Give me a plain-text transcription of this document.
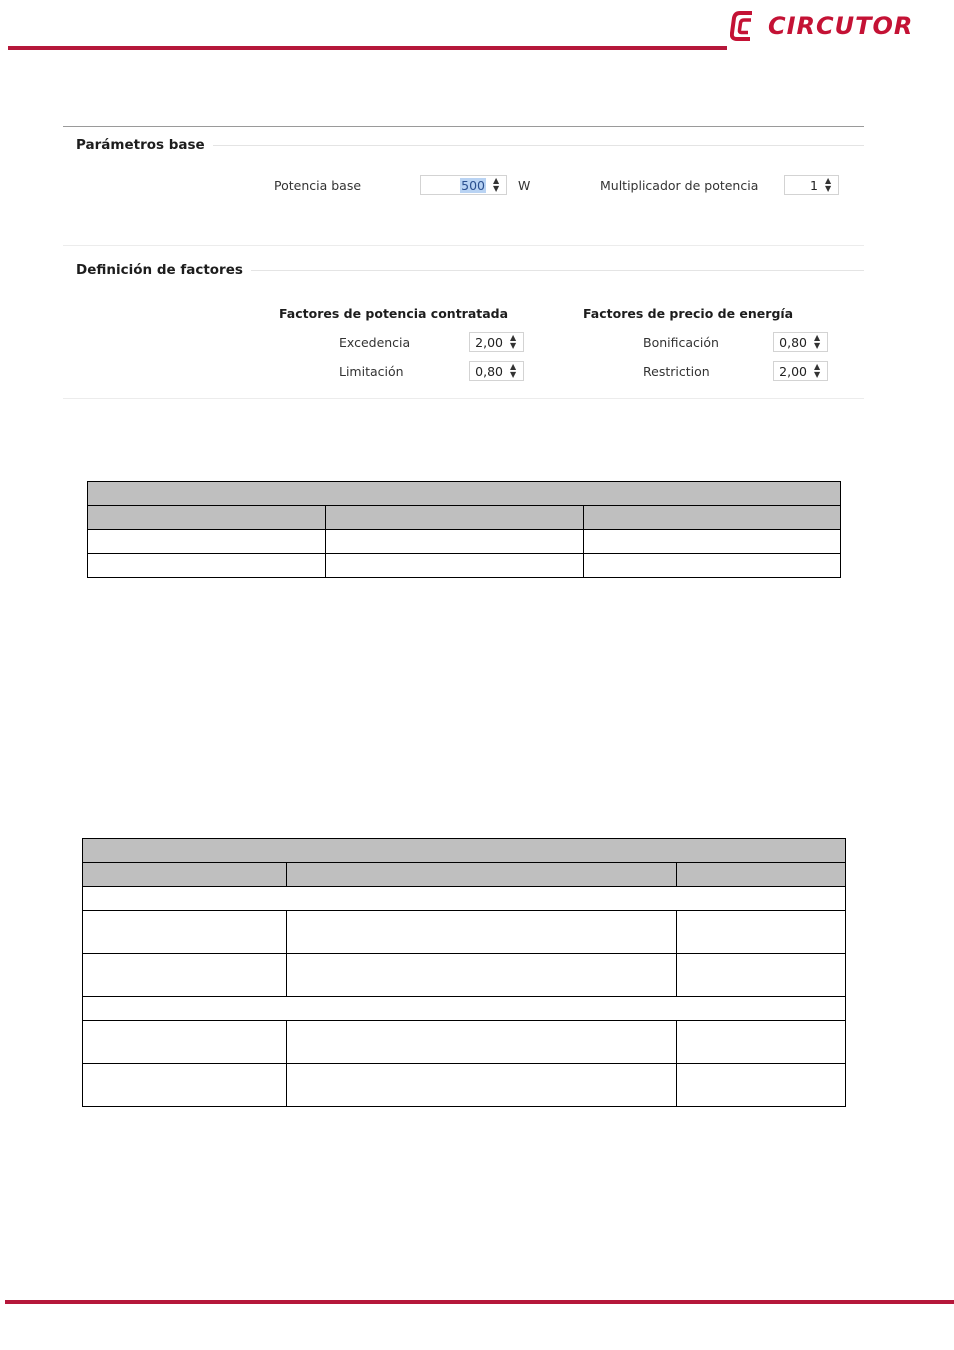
CIRCUTOR
Parámetros base
Potencia base	500 ▲
▼ W	Multiplicador de potencia	1 ▲
▼
Definición de factores
Factores de potencia contratada	Factores de precio de energía
Excedencia	2,00 ▲
▼
Limitación	0,80 ▲
▼
Bonificación	0,80 ▲
▼
Restriction	2,00 ▲
▼
